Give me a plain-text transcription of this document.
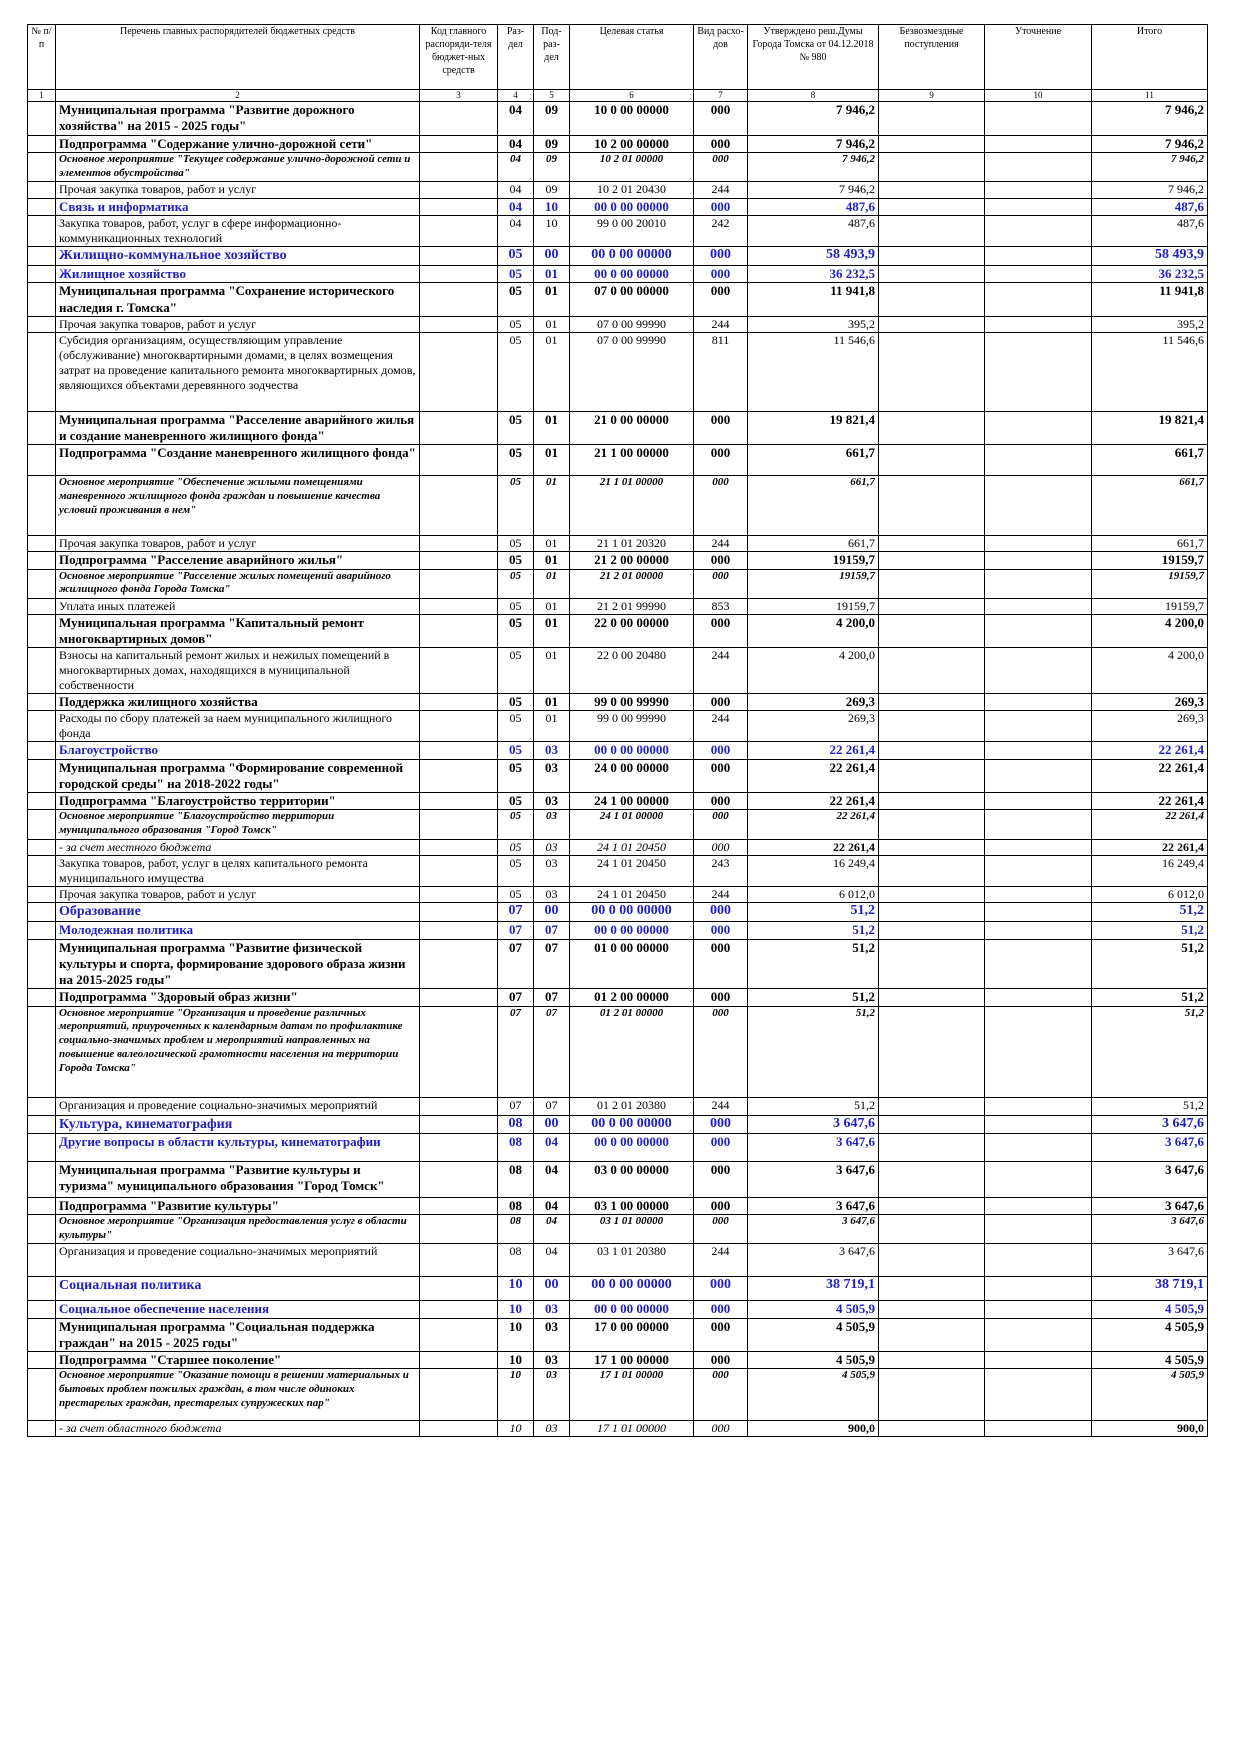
№ п/п	Перечень главных распорядителей бюджетных средств	Код главного распоряди-теля бюджет-ных средств	Раз-дел	Под-раз-дел	Целевая статья	Вид расхо-дов	Утверждено реш.Думы Города Томска от 04.12.2018 № 980	Безвозмездные поступления	Уточнение	Итого
1	2	3	4	5	6	7	8	9	10	11
	Муниципальная программа "Развитие дорожного хозяйства" на 2015 - 2025 годы"		04	09	10 0 00 00000	000	7 946,2			7 946,2
	Подпрограмма "Содержание улично-дорожной сети"		04	09	10 2 00 00000	000	7 946,2			7 946,2
	Основное мероприятие "Текущее содержание улично-дорожной сети и элементов обустройства"		04	09	10 2 01 00000	000	7 946,2			7 946,2
	Прочая закупка товаров, работ и услуг		04	09	10 2 01 20430	244	7 946,2			7 946,2
	Связь и информатика		04	10	00 0 00 00000	000	487,6			487,6
	Закупка товаров, работ, услуг в сфере информационно-коммуникационных технологий		04	10	99 0 00 20010	242	487,6			487,6
	Жилищно-коммунальное хозяйство		05	00	00 0 00 00000	000	58 493,9			58 493,9
	Жилищное хозяйство		05	01	00 0 00 00000	000	36 232,5			36 232,5
	Муниципальная программа "Сохранение исторического наследия г. Томска"		05	01	07 0 00 00000	000	11 941,8			11 941,8
	Прочая закупка товаров, работ и услуг		05	01	07 0 00 99990	244	395,2			395,2
	Субсидия организациям, осуществляющим управление (обслуживание) многоквартирными домами, в целях возмещения затрат на проведение капитального ремонта многоквартирных домов, являющихся объектами деревянного зодчества		05	01	07 0 00 99990	811	11 546,6			11 546,6
	Муниципальная программа "Расселение аварийного жилья и создание маневренного жилищного фонда"		05	01	21 0 00 00000	000	19 821,4			19 821,4
	Подпрограмма "Создание маневренного жилищного фонда"		05	01	21 1 00 00000	000	661,7			661,7
	Основное мероприятие "Обеспечение жилыми помещениями маневренного жилищного фонда граждан и повышение качества условий проживания в нем"		05	01	21 1 01 00000	000	661,7			661,7
	Прочая закупка товаров, работ и услуг		05	01	21 1 01 20320	244	661,7			661,7
	Подпрограмма "Расселение аварийного жилья"		05	01	21 2 00 00000	000	19159,7			19159,7
	Основное мероприятие "Расселение жилых помещений аварийного жилищного фонда Города Томска"		05	01	21 2 01 00000	000	19159,7			19159,7
	Уплата иных платежей		05	01	21 2 01 99990	853	19159,7			19159,7
	Муниципальная программа "Капитальный ремонт многоквартирных домов"		05	01	22 0 00 00000	000	4 200,0			4 200,0
	Взносы на капитальный ремонт жилых и нежилых помещений в многоквартирных домах, находящихся в муниципальной собственности		05	01	22 0 00 20480	244	4 200,0			4 200,0
	Поддержка жилищного хозяйства		05	01	99 0 00 99990	000	269,3			269,3
	Расходы по сбору платежей за наем муниципального жилищного фонда		05	01	99 0 00 99990	244	269,3			269,3
	Благоустройство		05	03	00 0 00 00000	000	22 261,4			22 261,4
	Муниципальная программа "Формирование современной городской среды" на 2018-2022 годы"		05	03	24 0 00 00000	000	22 261,4			22 261,4
	Подпрограмма "Благоустройство территории"		05	03	24 1 00 00000	000	22 261,4			22 261,4
	Основное мероприятие "Благоустройство территории муниципального образования "Город Томск"		05	03	24 1 01 00000	000	22 261,4			22 261,4
	- за счет местного бюджета		05	03	24 1 01 20450	000	22 261,4			22 261,4
	Закупка товаров, работ, услуг в целях капитального ремонта муниципального имущества		05	03	24 1 01 20450	243	16 249,4			16 249,4
	Прочая закупка товаров, работ и услуг		05	03	24 1 01 20450	244	6 012,0			6 012,0
	Образование		07	00	00 0 00 00000	000	51,2			51,2
	Молодежная политика		07	07	00 0 00 00000	000	51,2			51,2
	Муниципальная программа "Развитие физической культуры и спорта, формирование здорового образа жизни на 2015-2025 годы"		07	07	01 0 00 00000	000	51,2			51,2
	Подпрограмма "Здоровый образ жизни"		07	07	01 2 00 00000	000	51,2			51,2
	Основное мероприятие "Организация и проведение различных мероприятий, приуроченных к календарным датам по профилактике социально-значимых проблем и мероприятий направленных на повышение валеологической грамотности населения на территории Города Томска"		07	07	01 2 01 00000	000	51,2			51,2
	Организация и проведение социально-значимых мероприятий		07	07	01 2 01 20380	244	51,2			51,2
	Культура, кинематография		08	00	00 0 00 00000	000	3 647,6			3 647,6
	Другие вопросы в области культуры, кинематографии		08	04	00 0 00 00000	000	3 647,6			3 647,6
	Муниципальная программа "Развитие культуры и туризма" муниципального образования "Город Томск"		08	04	03 0 00 00000	000	3 647,6			3 647,6
	Подпрограмма "Развитие культуры"		08	04	03 1 00 00000	000	3 647,6			3 647,6
	Основное мероприятие "Организация предоставления услуг в области культуры"		08	04	03 1 01 00000	000	3 647,6			3 647,6
	Организация и проведение социально-значимых мероприятий		08	04	03 1 01 20380	244	3 647,6			3 647,6
	Социальная политика		10	00	00 0 00 00000	000	38 719,1			38 719,1
	Социальное обеспечение населения		10	03	00 0 00 00000	000	4 505,9			4 505,9
	Муниципальная программа "Социальная поддержка граждан" на 2015 - 2025 годы"		10	03	17 0 00 00000	000	4 505,9			4 505,9
	Подпрограмма "Старшее поколение"		10	03	17 1 00 00000	000	4 505,9			4 505,9
	Основное мероприятие "Оказание помощи в решении материальных и бытовых проблем пожилых граждан, в том числе одиноких престарелых граждан, престарелых супружеских пар"		10	03	17 1 01 00000	000	4 505,9			4 505,9
	- за счет областного бюджета		10	03	17 1 01 00000	000	900,0			900,0
